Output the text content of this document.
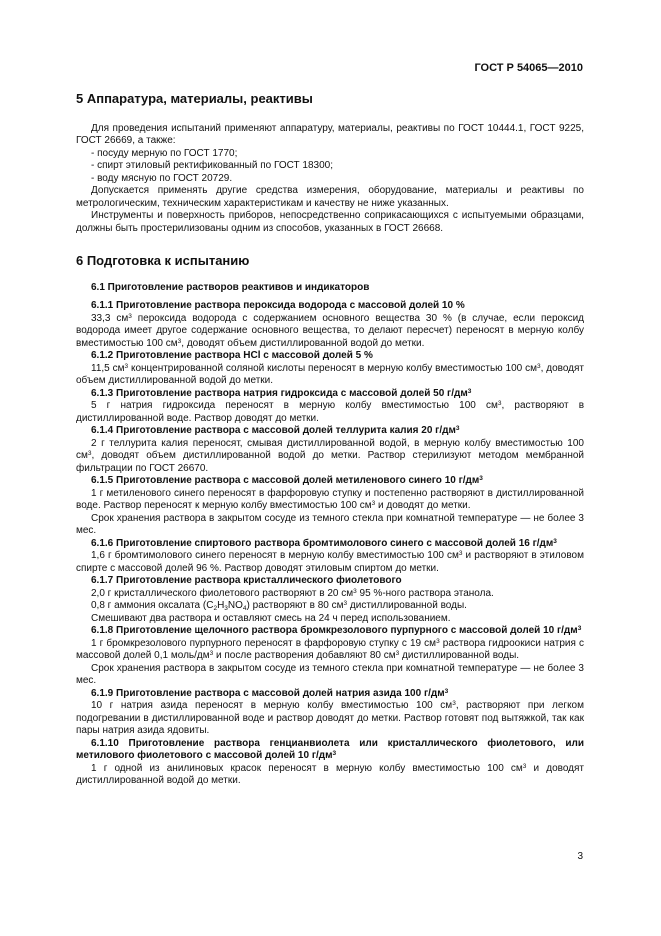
ГОСТ Р 54065—2010

5 Аппаратура, материалы, реактивы

Для проведения испытаний применяют аппаратуру, материалы, реактивы по ГОСТ 10444.1, ГОСТ 9225, ГОСТ 26669, а также:

- посуду мерную по ГОСТ 1770;

- спирт этиловый ректификованный по ГОСТ 18300;

- воду мясную по ГОСТ 20729.

Допускается применять другие средства измерения, оборудование, материалы и реактивы по метрологическим, техническим характеристикам и качеству не ниже указанных.

Инструменты и поверхность приборов, непосредственно соприкасающихся с испытуемыми образцами, должны быть простерилизованы одним из способов, указанных в ГОСТ 26668.

6 Подготовка к испытанию

6.1 Приготовление растворов реактивов и индикаторов

6.1.1 Приготовление раствора пероксида водорода с массовой долей 10 %

33,3 $см^3$ пероксида водорода с содержанием основного вещества 30 % (в случае, если пероксид водорода имеет другое содержание основного вещества, то делают пересчет) переносят в мерную колбу вместимостью 100 $см^3$, доводят объем дистиллированной водой до метки.

6.1.2 Приготовление раствора HCl с массовой долей 5 %

11,5 $см^3$ концентрированной соляной кислоты переносят в мерную колбу вместимостью 100 $см^3$, доводят объем дистиллированной водой до метки.

6.1.3 Приготовление раствора натрия гидроксида с массовой долей 50 $г/дм^3$

5 г натрия гидроксида переносят в мерную колбу вместимостью 100 $см^3$, растворяют в дистиллированной воде. Раствор доводят до метки.

6.1.4 Приготовление раствора с массовой долей теллурита калия 20 $г/дм^3$

2 г теллурита калия переносят, смывая дистиллированной водой, в мерную колбу вместимостью 100 $см^3$, доводят объем дистиллированной водой до метки. Раствор стерилизуют методом мембранной фильтрации по ГОСТ 26670.

6.1.5 Приготовление раствора с массовой долей метиленового синего 10 $г/дм^3$

1 г метиленового синего переносят в фарфоровую ступку и постепенно растворяют в дистиллированной воде. Раствор переносят к мерную колбу вместимостью 100 $см^3$ и доводят до метки.

Срок хранения раствора в закрытом сосуде из темного стекла при комнатной температуре — не более 3 мес.

6.1.6 Приготовление спиртового раствора бромтимолового синего с массовой долей 16 $г/дм^3$

1,6 г бромтимолового синего переносят в мерную колбу вместимостью 100 $см^3$ и растворяют в этиловом спирте с массовой долей 96 %. Раствор доводят этиловым спиртом до метки.

6.1.7 Приготовление раствора кристаллического фиолетового

2,0 г кристаллического фиолетового растворяют в 20 $см^3$ 95 %-ного раствора этанола.

0,8 г аммония оксалата $(C_2H_3NO_4)$ растворяют в 80 $см^3$ дистиллированной воды.

Смешивают два раствора и оставляют смесь на 24 ч перед использованием.

6.1.8 Приготовление щелочного раствора бромкрезолового пурпурного с массовой долей 10 $г/дм^3$

1 г бромкрезолового пурпурного переносят в фарфоровую ступку с 19 $см^3$ раствора гидроокиси натрия с массовой долей 0,1 моль/$дм^3$ и после растворения добавляют 80 $см^3$ дистиллированной воды.

Срок хранения раствора в закрытом сосуде из темного стекла при комнатной температуре — не более 3 мес.

6.1.9 Приготовление раствора с массовой долей натрия азида 100 $г/дм^3$

10 г натрия азида переносят в мерную колбу вместимостью 100 $см^3$, растворяют при легком подогревании в дистиллированной воде и раствор доводят до метки. Раствор готовят под вытяжкой, так как пары натрия азида ядовиты.

6.1.10 Приготовление раствора генцианвиолета или кристаллического фиолетового, или метилового фиолетового с массовой долей 10 $г/дм^3$

1 г одной из анилиновых красок переносят в мерную колбу вместимостью 100 $см^3$ и доводят дистиллированной водой до метки.

3
